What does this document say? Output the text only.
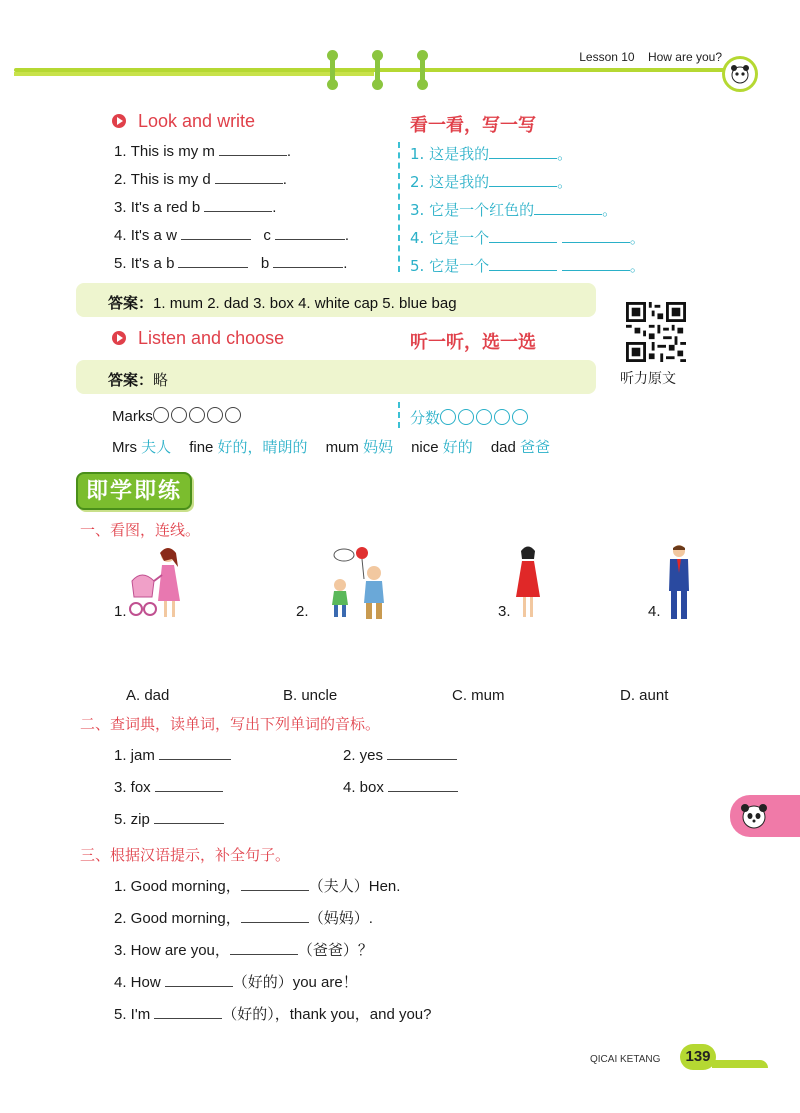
Lesson 10 How are you?
Look and write	看一看，写一写
1. This is my m	.
2. This is my d	.
3. It's a red b	.
4. It's a w	c	.
5. It's a b	b	.
1. 这是我的	。
2. 这是我的	。
3. 它是一个红色的	。
4. 它是一个	。
5. 它是一个	。
答案：1. mum 2. dad 3. box 4. white cap 5. blue bag
Listen and choose	听一听，选一选
听力原文
答案：略
Marks	分数
Mrs 夫人 fine 好的，晴朗的 mum 妈妈 nice 好的 dad 爸爸
即学即练
一、看图，连线。
1.	2.	3.	4.
A. dad	B. uncle	C. mum	D. aunt
二、查词典，读单词，写出下列单词的音标。
1. jam	2. yes
3. fox	4. box
5. zip
三、根据汉语提示，补全句子。
1. Good morning，	（夫人）Hen.
2. Good morning，	（妈妈）.
3. How are you，	（爸爸）？
4. How	（好的）you are！
5. I'm	（好的），thank you，and you?
QICAI KETANG	139
